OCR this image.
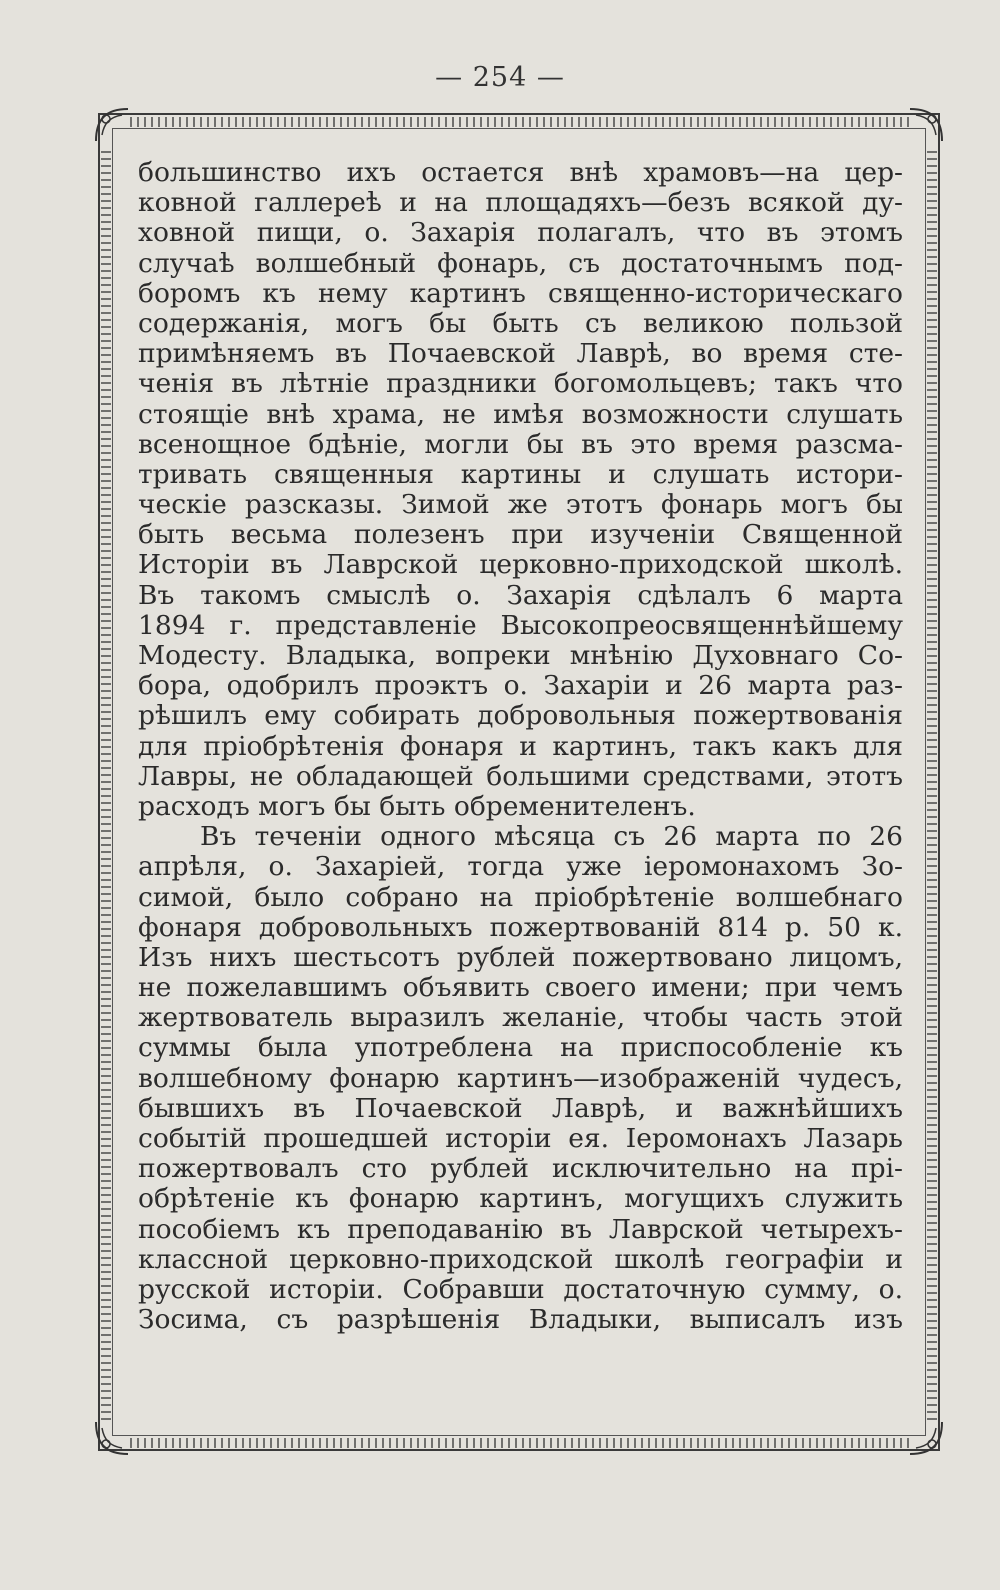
— 254 —
большинство ихъ остается внѣ храмовъ—на цер-
ковной галлереѣ и на площадяхъ—безъ всякой ду-
ховной пищи, о. Захарія полагалъ, что въ этомъ
случаѣ волшебный фонарь, съ достаточнымъ под-
боромъ къ нему картинъ священно-историческаго
содержанія, могъ бы быть съ великою пользой
примѣняемъ въ Почаевской Лаврѣ, во время сте-
ченія въ лѣтніе праздники богомольцевъ; такъ что
стоящіе внѣ храма, не имѣя возможности слушать
всенощное бдѣніе, могли бы въ это время разсма-
тривать священныя картины и слушать истори-
ческіе разсказы. Зимой же этотъ фонарь могъ бы
быть весьма полезенъ при изученіи Священной
Исторіи въ Лаврской церковно-приходской школѣ.
Въ такомъ смыслѣ о. Захарія сдѣлалъ 6 марта
1894 г. представленіе Высокопреосвященнѣйшему
Модесту. Владыка, вопреки мнѣнію Духовнаго Со-
бора, одобрилъ проэктъ о. Захаріи и 26 марта раз-
рѣшилъ ему собирать добровольныя пожертвованія
для пріобрѣтенія фонаря и картинъ, такъ какъ для
Лавры, не обладающей большими средствами, этотъ
расходъ могъ бы быть обременителенъ.
Въ теченіи одного мѣсяца съ 26 марта по 26
апрѣля, о. Захаріей, тогда уже іеромонахомъ Зо-
симой, было собрано на пріобрѣтеніе волшебнаго
фонаря добровольныхъ пожертвованій 814 р. 50 к.
Изъ нихъ шестьсотъ рублей пожертвовано лицомъ,
не пожелавшимъ объявить своего имени; при чемъ
жертвователь выразилъ желаніе, чтобы часть этой
суммы была употреблена на приспособленіе къ
волшебному фонарю картинъ—изображеній чудесъ,
бывшихъ въ Почаевской Лаврѣ, и важнѣйшихъ
событій прошедшей исторіи ея. Іеромонахъ Лазарь
пожертвовалъ сто рублей исключительно на прі-
обрѣтеніе къ фонарю картинъ, могущихъ служить
пособіемъ къ преподаванію въ Лаврской четырехъ-
классной церковно-приходской школѣ географіи и
русской исторіи. Собравши достаточную сумму, о.
Зосима, съ разрѣшенія Владыки, выписалъ изъ
